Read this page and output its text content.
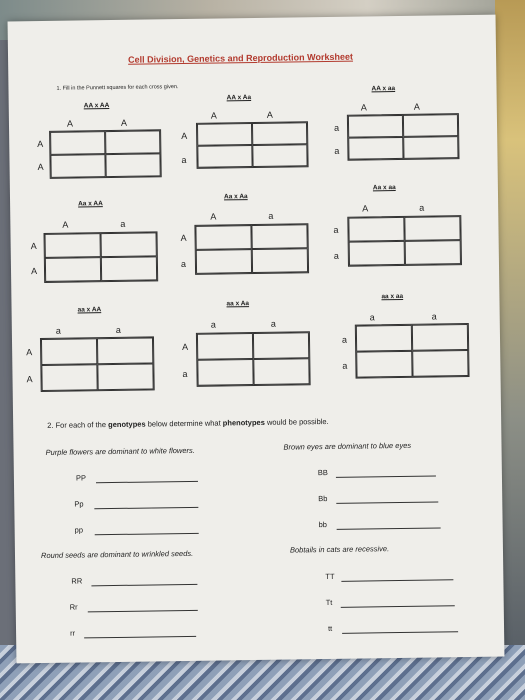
Cell Division, Genetics and Reproduction Worksheet
1. Fill in the Punnett squares for each cross given.
AA x AA
A	A
A
A
AA x Aa
A	A
A
a
AA x aa
A	A
a
a
Aa x AA
A	a
A
A
Aa x Aa
A	a
A
a
Aa x aa
A	a
a
a
aa x AA
a	a
A
A
aa x Aa
a	a
A
a
aa x aa
a	a
a
a
2. For each of the genotypes below determine what phenotypes would be possible.
Purple flowers are dominant to white flowers.	Brown eyes are dominant to blue eyes
PP
Pp
pp
BB
Bb
bb
Round seeds are dominant to wrinkled seeds.	Bobtails in cats are recessive.
RR
Rr
rr
TT
Tt
tt
